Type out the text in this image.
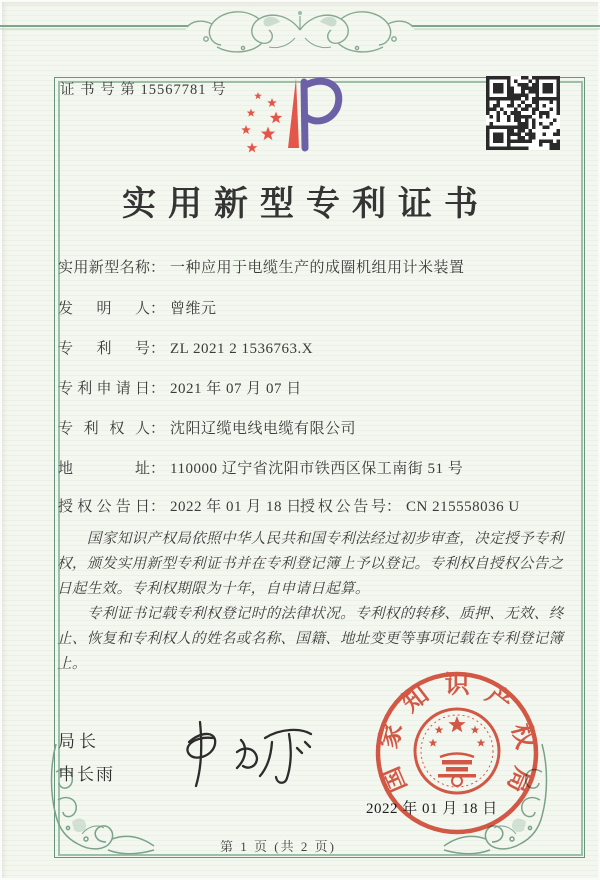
证 书 号 第 15567781 号
实用新型专利证书
实用新型名称： 一种应用于电缆生产的成圈机组用计米装置
发明人： 曾维元
专利号： ZL 2021 2 1536763.X
专利申请日： 2021 年 07 月 07 日
专利权人： 沈阳辽缆电线电缆有限公司
地址： 110000 辽宁省沈阳市铁西区保工南街 51 号
授权公告日： 2022 年 01 月 18 日
授权公告号： CN 215558036 U

国家知识产权局依照中华人民共和国专利法经过初步审查，决定授予专利权，颁发实用新型专利证书并在专利登记簿上予以登记。专利权自授权公告之日起生效。专利权期限为十年，自申请日起算。

专利证书记载专利权登记时的法律状况。专利权的转移、质押、无效、终止、恢复和专利权人的姓名或名称、国籍、地址变更等事项记载在专利登记簿上。

局长
申长雨
2022 年 01 月 18 日
国家知识产权局
第 1 页 (共 2 页)
